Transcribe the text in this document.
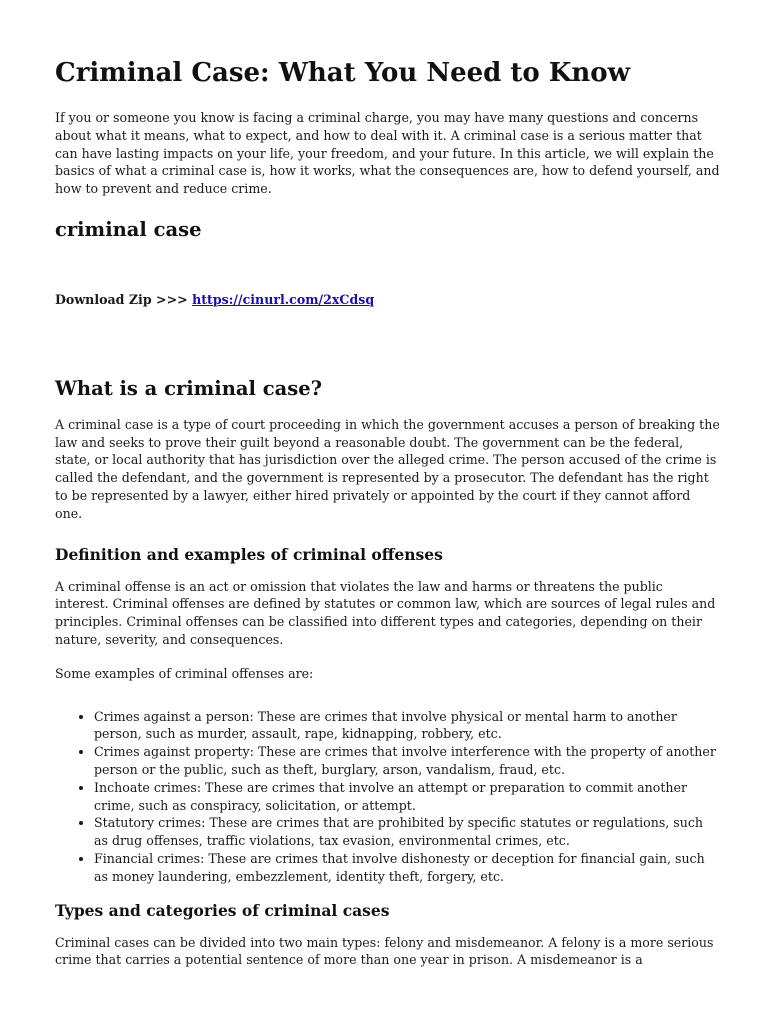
Criminal Case: What You Need to Know

If you or someone you know is facing a criminal charge, you may have many questions and concerns about what it means, what to expect, and how to deal with it. A criminal case is a serious matter that can have lasting impacts on your life, your freedom, and your future. In this article, we will explain the basics of what a criminal case is, how it works, what the consequences are, how to defend yourself, and how to prevent and reduce crime.

criminal case

Download Zip >>> https://cinurl.com/2xCdsq

What is a criminal case?

A criminal case is a type of court proceeding in which the government accuses a person of breaking the law and seeks to prove their guilt beyond a reasonable doubt. The government can be the federal, state, or local authority that has jurisdiction over the alleged crime. The person accused of the crime is called the defendant, and the government is represented by a prosecutor. The defendant has the right to be represented by a lawyer, either hired privately or appointed by the court if they cannot afford one.

Definition and examples of criminal offenses

A criminal offense is an act or omission that violates the law and harms or threatens the public interest. Criminal offenses are defined by statutes or common law, which are sources of legal rules and principles. Criminal offenses can be classified into different types and categories, depending on their nature, severity, and consequences.

Some examples of criminal offenses are:

• Crimes against a person: These are crimes that involve physical or mental harm to another person, such as murder, assault, rape, kidnapping, robbery, etc.
• Crimes against property: These are crimes that involve interference with the property of another person or the public, such as theft, burglary, arson, vandalism, fraud, etc.
• Inchoate crimes: These are crimes that involve an attempt or preparation to commit another crime, such as conspiracy, solicitation, or attempt.
• Statutory crimes: These are crimes that are prohibited by specific statutes or regulations, such as drug offenses, traffic violations, tax evasion, environmental crimes, etc.
• Financial crimes: These are crimes that involve dishonesty or deception for financial gain, such as money laundering, embezzlement, identity theft, forgery, etc.
Types and categories of criminal cases

Criminal cases can be divided into two main types: felony and misdemeanor. A felony is a more serious crime that carries a potential sentence of more than one year in prison. A misdemeanor is a
